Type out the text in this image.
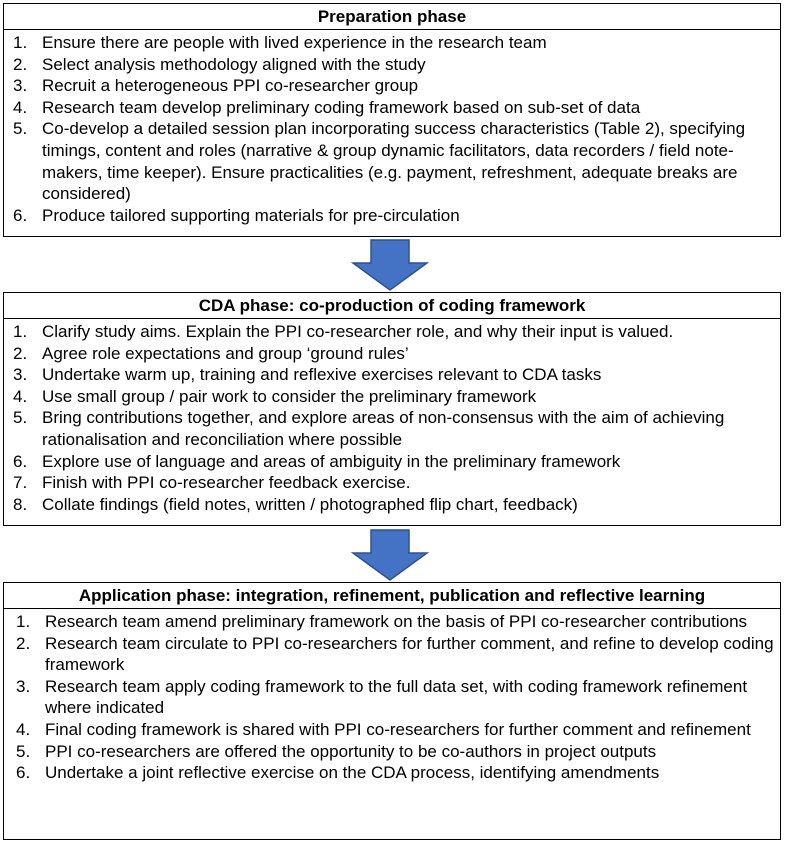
Preparation phase
1. Ensure there are people with lived experience in the research team
2. Select analysis methodology aligned with the study
3. Recruit a heterogeneous PPI co-researcher group
4. Research team develop preliminary coding framework based on sub-set of data
5. Co-develop a detailed session plan incorporating success characteristics (Table 2), specifying timings, content and roles (narrative & group dynamic facilitators, data recorders / field note-makers, time keeper). Ensure practicalities (e.g. payment, refreshment, adequate breaks are considered)
6. Produce tailored supporting materials for pre-circulation
CDA phase: co-production of coding framework
1. Clarify study aims. Explain the PPI co-researcher role, and why their input is valued.
2. Agree role expectations and group ‘ground rules’
3. Undertake warm up, training and reflexive exercises relevant to CDA tasks
4. Use small group / pair work to consider the preliminary framework
5. Bring contributions together, and explore areas of non-consensus with the aim of achieving rationalisation and reconciliation where possible
6. Explore use of language and areas of ambiguity in the preliminary framework
7. Finish with PPI co-researcher feedback exercise.
8. Collate findings (field notes, written / photographed flip chart, feedback)
Application phase: integration, refinement, publication and reflective learning
1. Research team amend preliminary framework on the basis of PPI co-researcher contributions
2. Research team circulate to PPI co-researchers for further comment, and refine to develop coding framework
3. Research team apply coding framework to the full data set, with coding framework refinement where indicated
4. Final coding framework is shared with PPI co-researchers for further comment and refinement
5. PPI co-researchers are offered the opportunity to be co-authors in project outputs
6. Undertake a joint reflective exercise on the CDA process, identifying amendments
